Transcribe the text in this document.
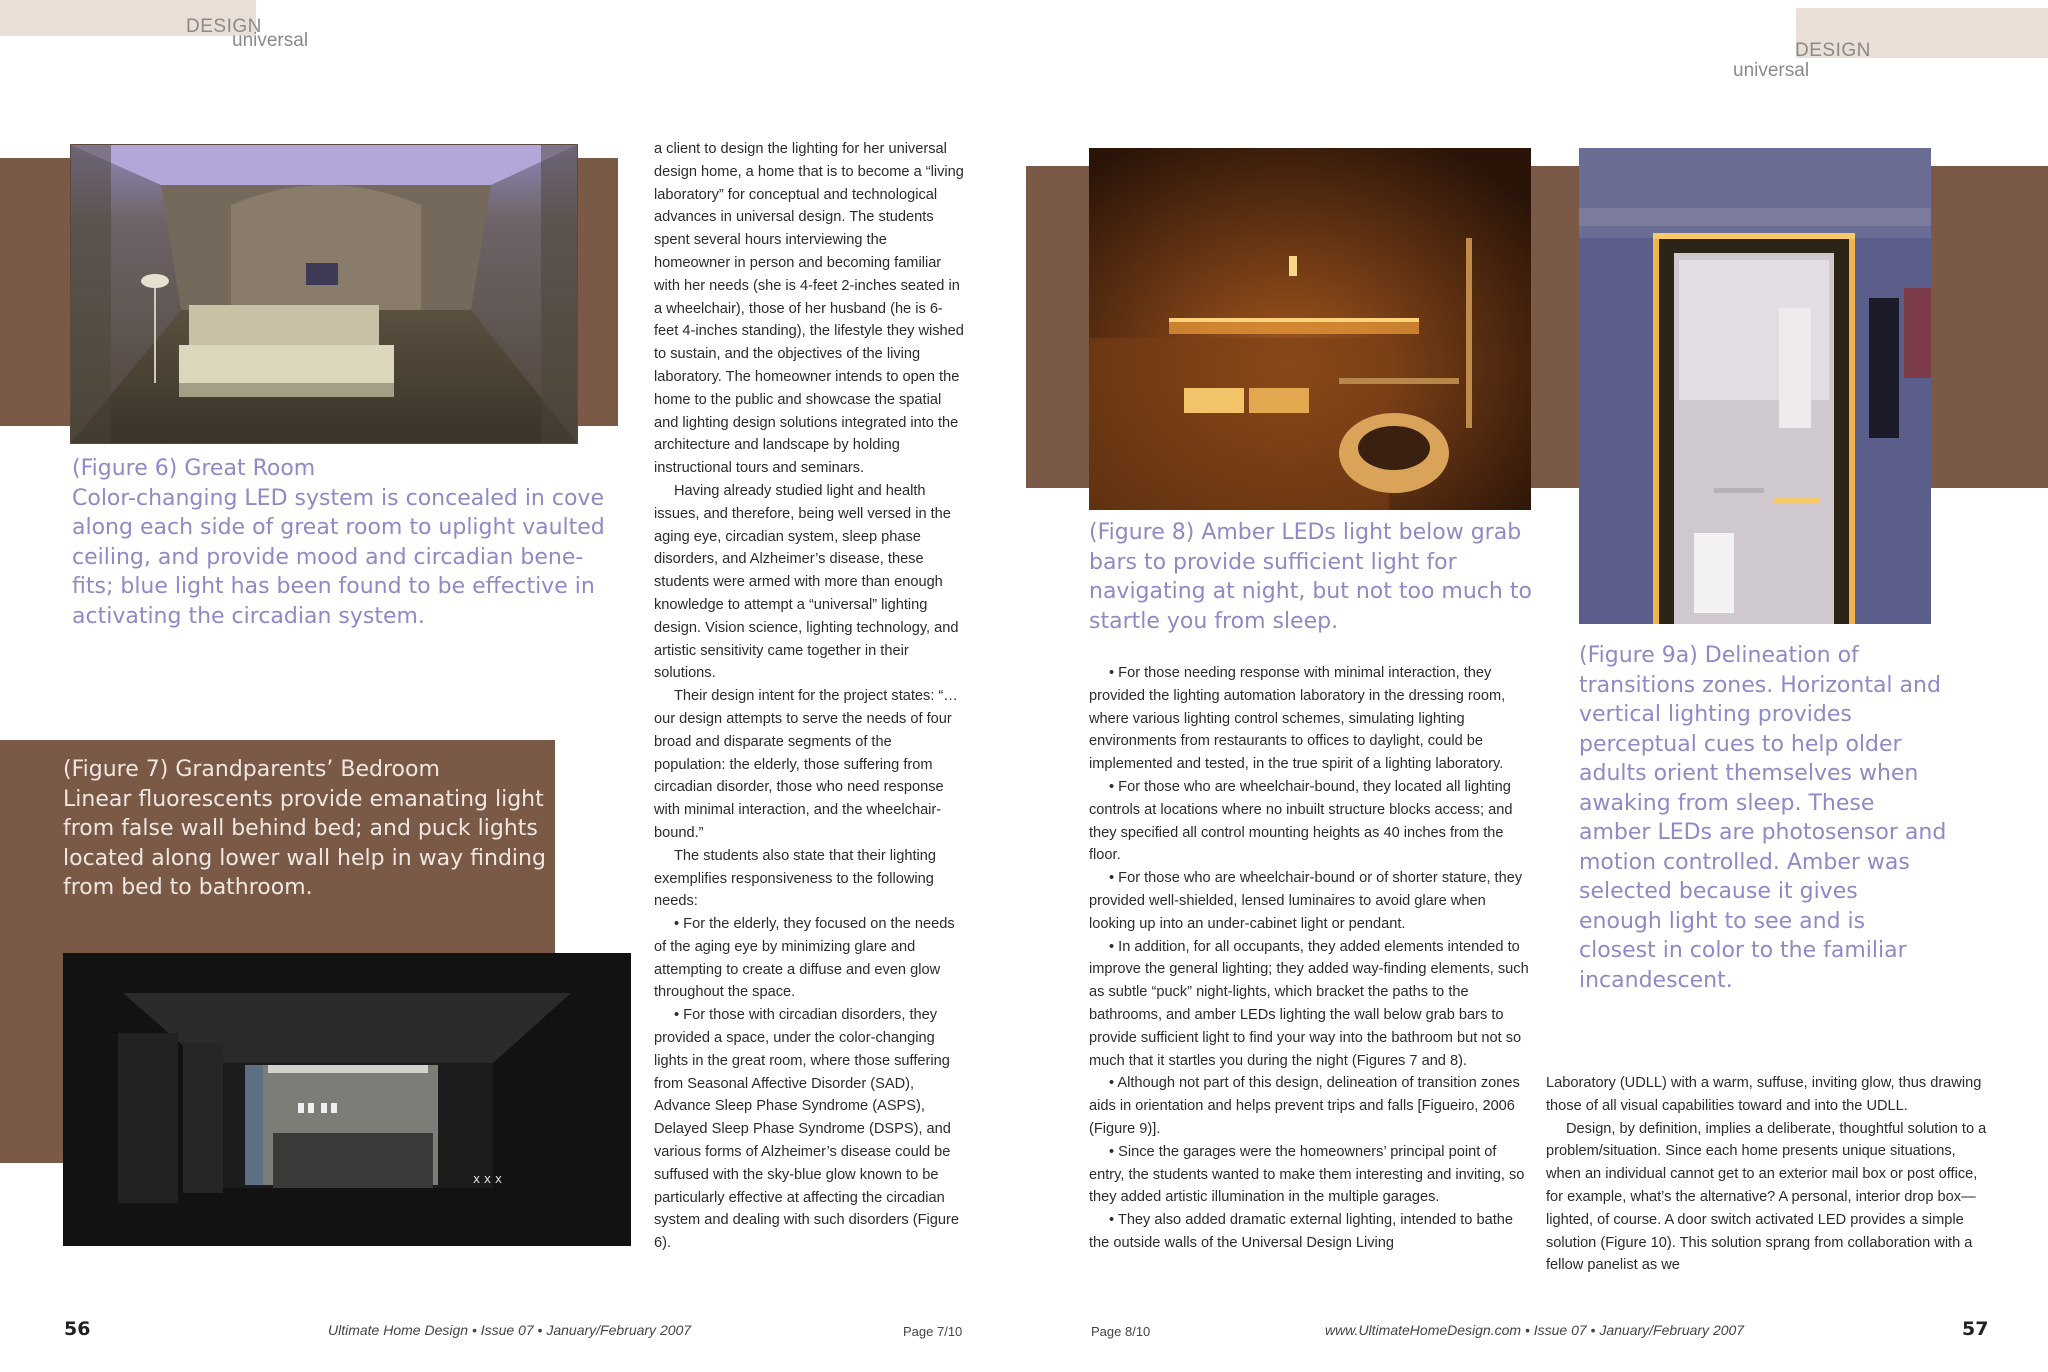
DESIGN
universal
(Figure 6) Great Room
Color-changing LED system is concealed in cove along each side of great room to uplight vaulted ceiling, and provide mood and circadian bene-fits; blue light has been found to be effective in activating the circadian system.
(Figure 7) Grandparents’ Bedroom
Linear fluorescents provide emanating light from false wall behind bed; and puck lights located along lower wall help in way finding from bed to bathroom.
x x x

a client to design the lighting for her universal design home, a home that is to become a “living laboratory” for conceptual and technological advances in universal design. The students spent several hours interviewing the homeowner in person and becoming familiar with her needs (she is 4-feet 2-inches seated in a wheelchair), those of her husband (he is 6-feet 4-inches standing), the lifestyle they wished to sustain, and the objectives of the living laboratory. The homeowner intends to open the home to the public and showcase the spatial and lighting design solutions integrated into the architecture and landscape by holding instructional tours and seminars.

Having already studied light and health issues, and therefore, being well versed in the aging eye, circadian system, sleep phase disorders, and Alzheimer’s disease, these students were armed with more than enough knowledge to attempt a “universal” lighting design. Vision science, lighting technology, and artistic sensitivity came together in their solutions.

Their design intent for the project states: “…our design attempts to serve the needs of four broad and disparate segments of the population: the elderly, those suffering from circadian disorder, those who need response with minimal interaction, and the wheelchair-bound.”

The students also state that their lighting exemplifies responsiveness to the following needs:

• For the elderly, they focused on the needs of the aging eye by minimizing glare and attempting to create a diffuse and even glow throughout the space.

• For those with circadian disorders, they provided a space, under the color-changing lights in the great room, where those suffering from Seasonal Affective Disorder (SAD), Advance Sleep Phase Syndrome (ASPS), Delayed Sleep Phase Syndrome (DSPS), and various forms of Alzheimer’s disease could be suffused with the sky-blue glow known to be particularly effective at affecting the circadian system and dealing with such disorders (Figure 6).

56	Ultimate Home Design • Issue 07 • January/February 2007	Page 7/10
DESIGN
universal
(Figure 8) Amber LEDs light below grab bars to provide sufficient light for navigating at night, but not too much to startle you from sleep.
(Figure 9a) Delineation of transitions zones. Horizontal and vertical lighting provides perceptual cues to help older adults orient themselves when awaking from sleep. These amber LEDs are photosensor and motion controlled. Amber was selected because it gives enough light to see and is closest in color to the familiar incandescent.

• For those needing response with minimal interaction, they provided the lighting automation laboratory in the dressing room, where various lighting control schemes, simulating lighting environments from restaurants to offices to daylight, could be implemented and tested, in the true spirit of a lighting laboratory.

• For those who are wheelchair-bound, they located all lighting controls at locations where no inbuilt structure blocks access; and they specified all control mounting heights as 40 inches from the floor.

• For those who are wheelchair-bound or of shorter stature, they provided well-shielded, lensed luminaires to avoid glare when looking up into an under-cabinet light or pendant.

• In addition, for all occupants, they added elements intended to improve the general lighting; they added way-finding elements, such as subtle “puck” night-lights, which bracket the paths to the bathrooms, and amber LEDs lighting the wall below grab bars to provide sufficient light to find your way into the bathroom but not so much that it startles you during the night (Figures 7 and 8).

• Although not part of this design, delineation of transition zones aids in orientation and helps prevent trips and falls [Figueiro, 2006 (Figure 9)].

• Since the garages were the homeowners’ principal point of entry, the students wanted to make them interesting and inviting, so they added artistic illumination in the multiple garages.

• They also added dramatic external lighting, intended to bathe the outside walls of the Universal Design Living

Laboratory (UDLL) with a warm, suffuse, inviting glow, thus drawing those of all visual capabilities toward and into the UDLL.

Design, by definition, implies a deliberate, thoughtful solution to a problem/situation. Since each home presents unique situations, when an individual cannot get to an exterior mail box or post office, for example, what’s the alternative? A personal, interior drop box—lighted, of course. A door switch activated LED provides a simple solution (Figure 10). This solution sprang from collaboration with a fellow panelist as we

Page 8/10	www.UltimateHomeDesign.com • Issue 07 • January/February 2007	57
